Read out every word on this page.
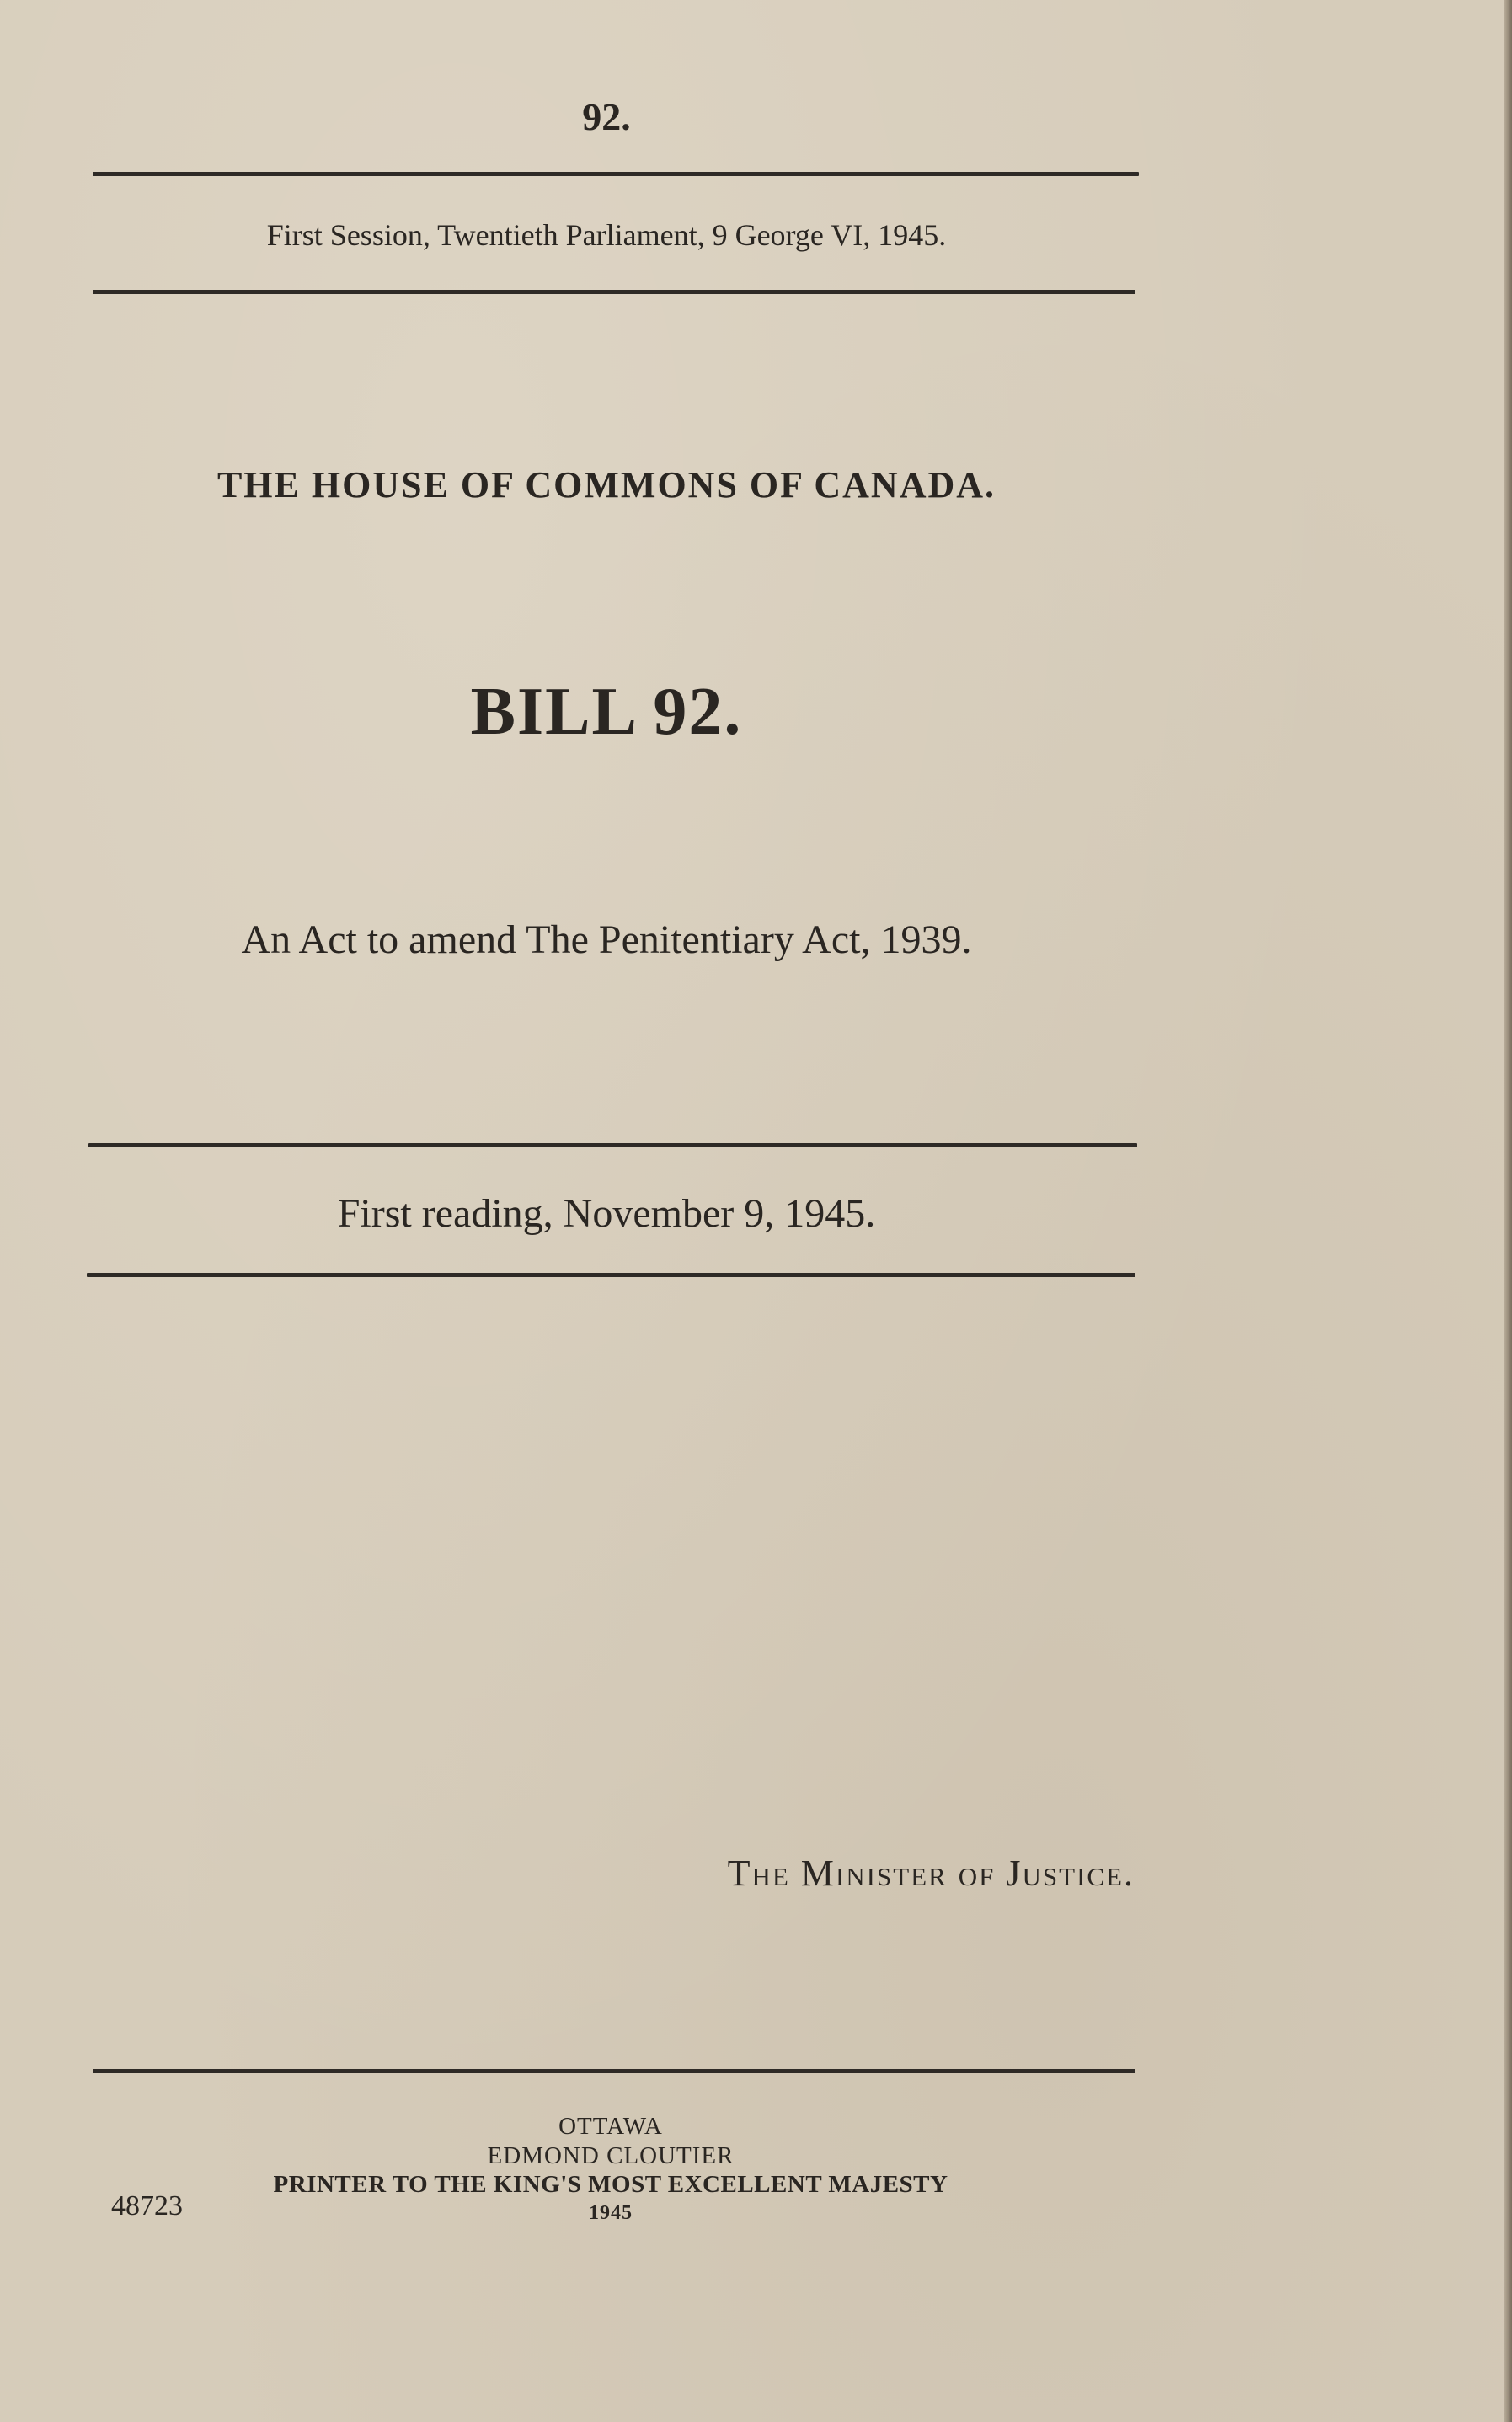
92.
First Session, Twentieth Parliament, 9 George VI, 1945.
THE HOUSE OF COMMONS OF CANADA.
BILL 92.
An Act to amend The Penitentiary Act, 1939.
First reading, November 9, 1945.
The Minister of Justice.
OTTAWA
EDMOND CLOUTIER
PRINTER TO THE KING'S MOST EXCELLENT MAJESTY
1945
48723
